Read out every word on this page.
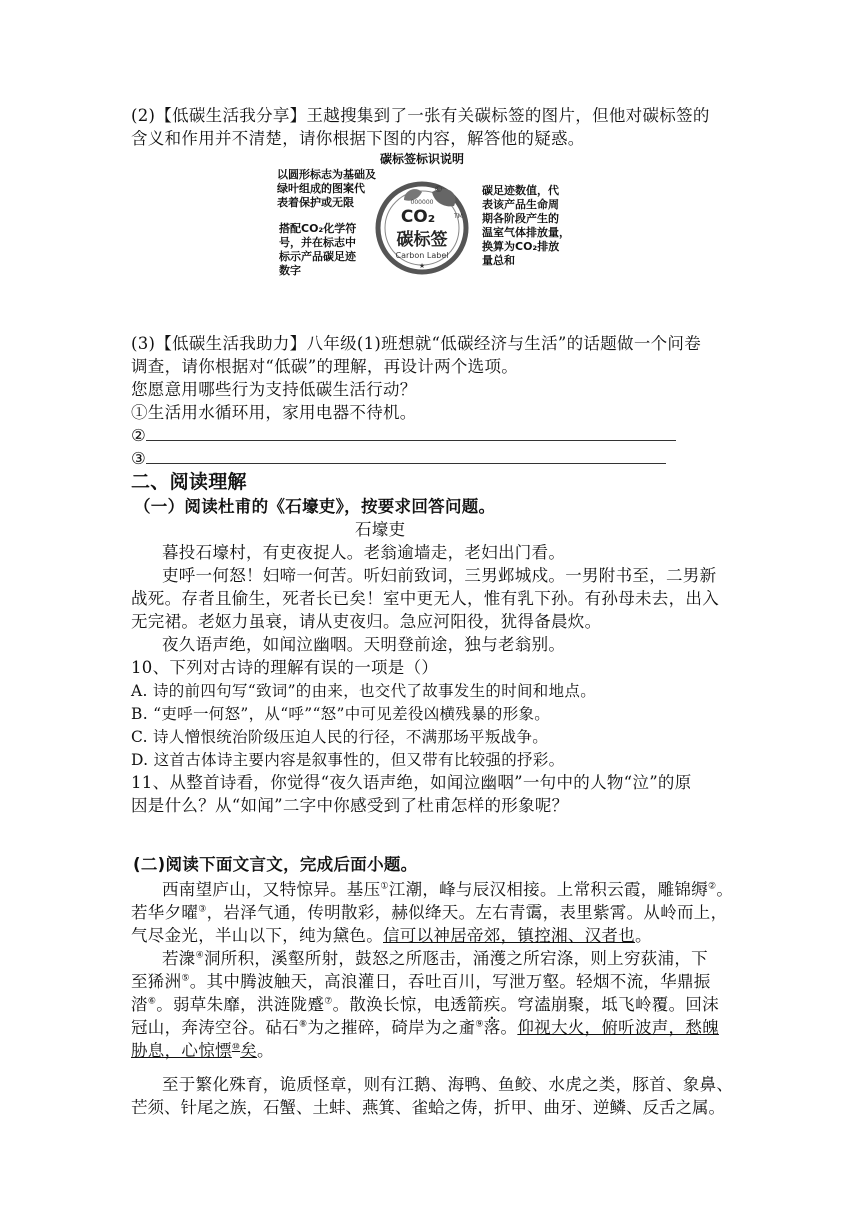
(2)【低碳生活我分享】王越搜集到了一张有关碳标签的图片，但他对碳标签的
含义和作用并不清楚，请你根据下图的内容，解答他的疑惑。
碳标签标识说明
以圆形标志为基础及
绿叶组成的图案代
表着保护或无限
搭配CO₂化学符
号，并在标志中
标示产品碳足迹
数字
000000
CO₂
碳标签
Carbon Label
TM
©
★
碳足迹数值，代
表该产品生命周
期各阶段产生的
温室气体排放量，
换算为CO₂排放
量总和
(3)【低碳生活我助力】八年级(1)班想就“低碳经济与生活”的话题做一个问卷
调查，请你根据对“低碳”的理解，再设计两个选项。
您愿意用哪些行为支持低碳生活行动？
①生活用水循环用，家用电器不待机。
②
③
二、阅读理解
（一）阅读杜甫的《石壕吏》，按要求回答问题。
石壕吏
暮投石壕村，有吏夜捉人。老翁逾墙走，老妇出门看。
吏呼一何怒！妇啼一何苦。听妇前致词，三男邺城戍。一男附书至，二男新
战死。存者且偷生，死者长已矣！室中更无人，惟有乳下孙。有孙母未去，出入
无完裙。老妪力虽衰，请从吏夜归。急应河阳役，犹得备晨炊。
夜久语声绝，如闻泣幽咽。天明登前途，独与老翁别。
10、下列对古诗的理解有误的一项是（）
A. 诗的前四句写“致词”的由来，也交代了故事发生的时间和地点。
B. “吏呼一何怒”，从“呼”“怒”中可见差役凶横残暴的形象。
C. 诗人憎恨统治阶级压迫人民的行径，不满那场平叛战争。
D. 这首古体诗主要内容是叙事性的，但又带有比较强的抒彩。
11、从整首诗看，你觉得“夜久语声绝，如闻泣幽咽”一句中的人物“泣”的原
因是什么？从“如闻”二字中你感受到了杜甫怎样的形象呢？
(二)阅读下面文言文，完成后面小题。
西南望庐山，又特惊异。基压①江潮，峰与辰汉相接。上常积云霞，雕锦缛②。
若华夕曜③，岩泽气通，传明散彩，赫似绛天。左右青霭，表里紫霄。从岭而上，
气尽金光，半山以下，纯为黛色。信可以神居帝郊，镇控湘、汉者也。
若潨④洞所积，溪壑所射，鼓怒之所豗击，涌濩之所宕涤，则上穷荻浦，下
至狶洲⑤。其中腾波触天，高浪灌日，吞吐百川，写泄万壑。轻烟不流，华鼎振
涾⑥。弱草朱靡，洪涟陇蹙⑦。散涣长惊，电透箭疾。穹溘崩聚，坻飞岭覆。回沫
冠山，奔涛空谷。砧石⑧为之摧碎，碕岸为之齑⑨落。仰视大火，俯听波声，愁魄
胁息，心惊慓⑩矣。
至于繁化殊育，诡质怪章，则有江鹅、海鸭、鱼鲛、水虎之类，豚首、象鼻、
芒须、针尾之族，石蟹、土蚌、燕箕、雀蛤之俦，折甲、曲牙、逆鳞、反舌之属。
